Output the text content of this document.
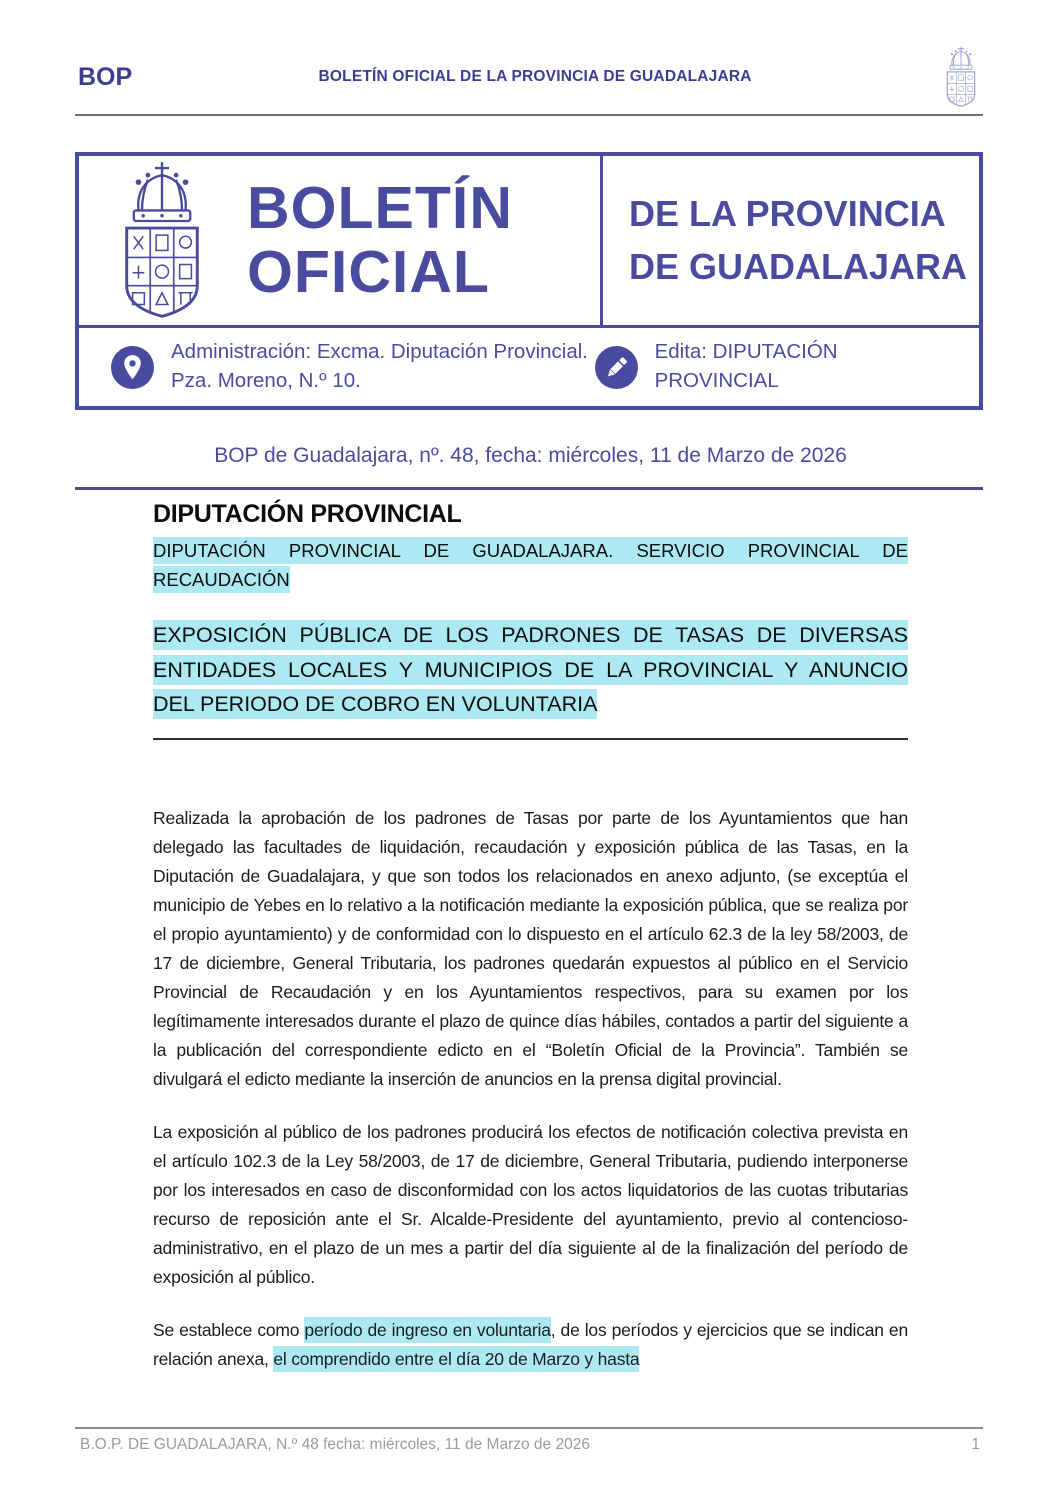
BOP	BOLETÍN OFICIAL DE LA PROVINCIA DE GUADALAJARA
BOLETÍN
OFICIAL
DE LA PROVINCIA
DE GUADALAJARA
Administración: Excma. Diputación Provincial.
Pza. Moreno, N.º 10.
Edita: DIPUTACIÓN PROVINCIAL
BOP de Guadalajara, nº. 48, fecha: miércoles, 11 de Marzo de 2026
DIPUTACIÓN PROVINCIAL

DIPUTACIÓN PROVINCIAL DE GUADALAJARA. SERVICIO PROVINCIAL DE RECAUDACIÓN

EXPOSICIÓN PÚBLICA DE LOS PADRONES DE TASAS DE DIVERSAS ENTIDADES LOCALES Y MUNICIPIOS DE LA PROVINCIAL Y ANUNCIO DEL PERIODO DE COBRO EN VOLUNTARIA

Realizada la aprobación de los padrones de Tasas por parte de los Ayuntamientos que han delegado las facultades de liquidación, recaudación y exposición pública de las Tasas, en la Diputación de Guadalajara, y que son todos los relacionados en anexo adjunto, (se exceptúa el municipio de Yebes en lo relativo a la notificación mediante la exposición pública, que se realiza por el propio ayuntamiento) y de conformidad con lo dispuesto en el artículo 62.3 de la ley 58/2003, de 17 de diciembre, General Tributaria, los padrones quedarán expuestos al público en el Servicio Provincial de Recaudación y en los Ayuntamientos respectivos, para su examen por los legítimamente interesados durante el plazo de quince días hábiles, contados a partir del siguiente a la publicación del correspondiente edicto en el “Boletín Oficial de la Provincia”. También se divulgará el edicto mediante la inserción de anuncios en la prensa digital provincial.

La exposición al público de los padrones producirá los efectos de notificación colectiva prevista en el artículo 102.3 de la Ley 58/2003, de 17 de diciembre, General Tributaria, pudiendo interponerse por los interesados en caso de disconformidad con los actos liquidatorios de las cuotas tributarias recurso de reposición ante el Sr. Alcalde-Presidente del ayuntamiento, previo al contencioso-administrativo, en el plazo de un mes a partir del día siguiente al de la finalización del período de exposición al público.

Se establece como período de ingreso en voluntaria, de los períodos y ejercicios que se indican en relación anexa, el comprendido entre el día 20 de Marzo y hasta

B.O.P. DE GUADALAJARA, N.º 48 fecha: miércoles, 11 de Marzo de 2026	1
